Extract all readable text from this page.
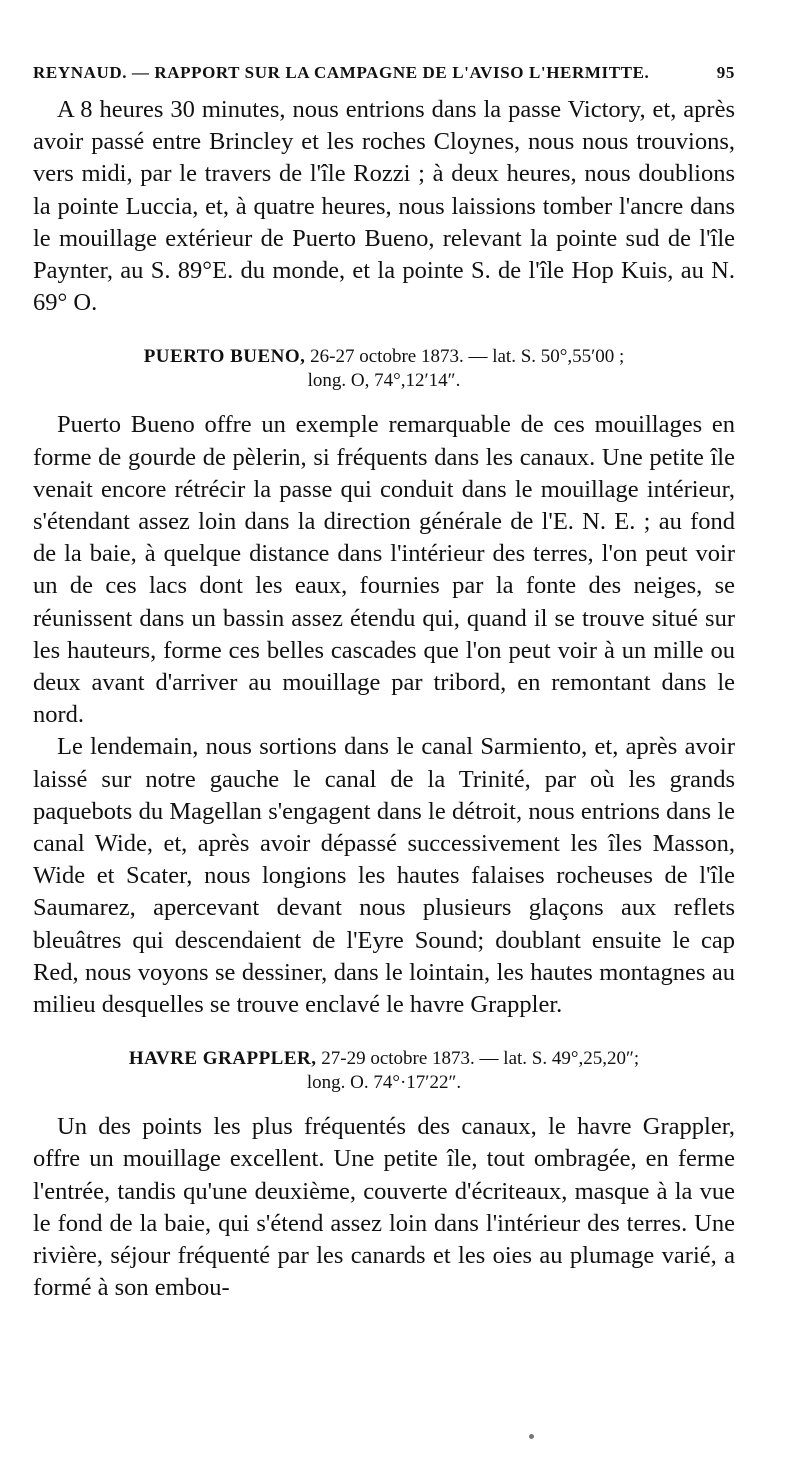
REYNAUD. — RAPPORT SUR LA CAMPAGNE DE L'AVISO L'HERMITTE.	95

A 8 heures 30 minutes, nous entrions dans la passe Victory, et, après avoir passé entre Brincley et les roches Cloynes, nous nous trouvions, vers midi, par le travers de l'île Rozzi ; à deux heures, nous doublions la pointe Luccia, et, à quatre heures, nous laissions tomber l'ancre dans le mouillage extérieur de Puerto Bueno, relevant la pointe sud de l'île Paynter, au S. 89°E. du monde, et la pointe S. de l'île Hop Kuis, au N. 69° O.

PUERTO BUENO, 26-27 octobre 1873. — lat. S. 50°,55′00 ;
long. O, 74°,12′14″.

Puerto Bueno offre un exemple remarquable de ces mouillages en forme de gourde de pèlerin, si fréquents dans les canaux. Une petite île venait encore rétrécir la passe qui conduit dans le mouillage intérieur, s'étendant assez loin dans la direction générale de l'E. N. E. ; au fond de la baie, à quelque distance dans l'intérieur des terres, l'on peut voir un de ces lacs dont les eaux, fournies par la fonte des neiges, se réunissent dans un bassin assez étendu qui, quand il se trouve situé sur les hauteurs, forme ces belles cascades que l'on peut voir à un mille ou deux avant d'arriver au mouillage par tribord, en remontant dans le nord.

Le lendemain, nous sortions dans le canal Sarmiento, et, après avoir laissé sur notre gauche le canal de la Trinité, par où les grands paquebots du Magellan s'engagent dans le détroit, nous entrions dans le canal Wide, et, après avoir dépassé successivement les îles Masson, Wide et Scater, nous longions les hautes falaises rocheuses de l'île Saumarez, apercevant devant nous plusieurs glaçons aux reflets bleuâtres qui descendaient de l'Eyre Sound; doublant ensuite le cap Red, nous voyons se dessiner, dans le lointain, les hautes montagnes au milieu desquelles se trouve enclavé le havre Grappler.

HAVRE GRAPPLER, 27-29 octobre 1873. — lat. S. 49°,25,20″;
long. O. 74°·17′22″.

Un des points les plus fréquentés des canaux, le havre Grappler, offre un mouillage excellent. Une petite île, tout ombragée, en ferme l'entrée, tandis qu'une deuxième, couverte d'écriteaux, masque à la vue le fond de la baie, qui s'étend assez loin dans l'intérieur des terres. Une rivière, séjour fréquenté par les canards et les oies au plumage varié, a formé à son embou-
